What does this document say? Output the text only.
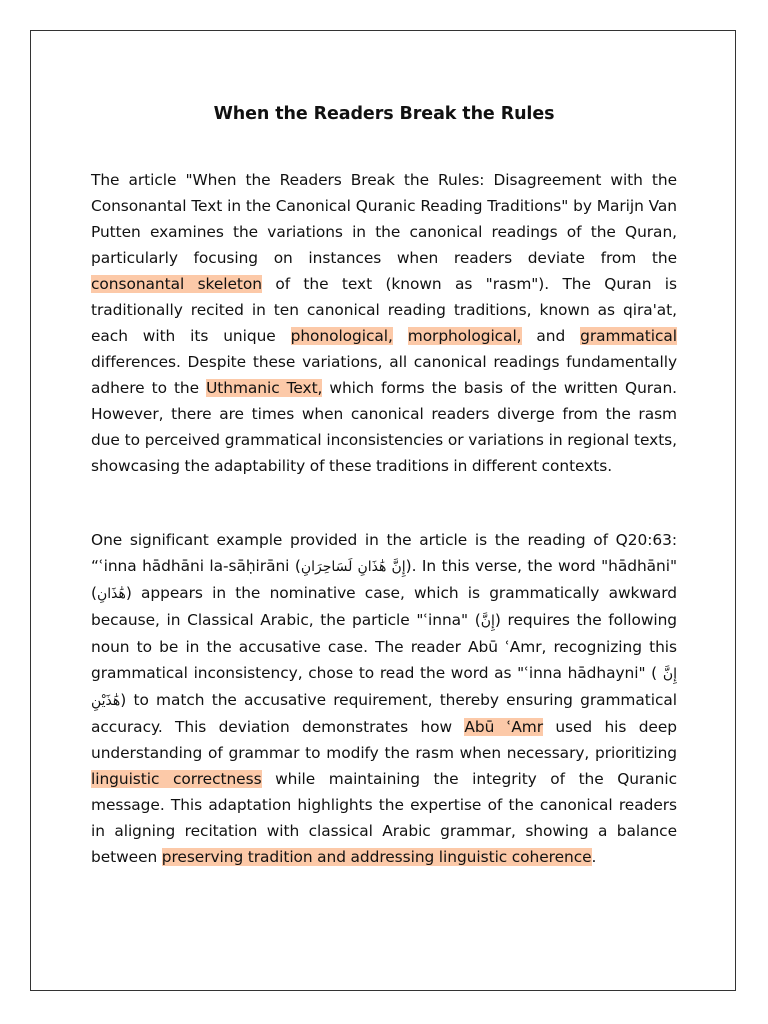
When the Readers Break the Rules

The article "When the Readers Break the Rules: Disagreement with the Consonantal Text in the Canonical Quranic Reading Traditions" by Marijn Van Putten examines the variations in the canonical readings of the Quran, particularly focusing on instances when readers deviate from the consonantal skeleton of the text (known as "rasm"). The Quran is traditionally recited in ten canonical reading traditions, known as qira'at, each with its unique phonological, morphological, and grammatical differences. Despite these variations, all canonical readings fundamentally adhere to the Uthmanic Text, which forms the basis of the written Quran. However, there are times when canonical readers diverge from the rasm due to perceived grammatical inconsistencies or variations in regional texts, showcasing the adaptability of these traditions in different contexts.

One significant example provided in the article is the reading of Q20:63: “ʿinna hādhāni la-sāḥirāni (إِنَّ هَٰذَانِ لَسَاحِرَانِ). In this verse, the word "hādhāni" (هَٰذَانِ) appears in the nominative case, which is grammatically awkward because, in Classical Arabic, the particle "ʿinna" (إِنَّ) requires the following noun to be in the accusative case. The reader Abū ʿAmr, recognizing this grammatical inconsistency, chose to read the word as "ʿinna hādhayni" ( إِنَّ هَٰذَيْنِ) to match the accusative requirement, thereby ensuring grammatical accuracy. This deviation demonstrates how Abū ʿAmr used his deep understanding of grammar to modify the rasm when necessary, prioritizing linguistic correctness while maintaining the integrity of the Quranic message. This adaptation highlights the expertise of the canonical readers in aligning recitation with classical Arabic grammar, showing a balance between preserving tradition and addressing linguistic coherence.
